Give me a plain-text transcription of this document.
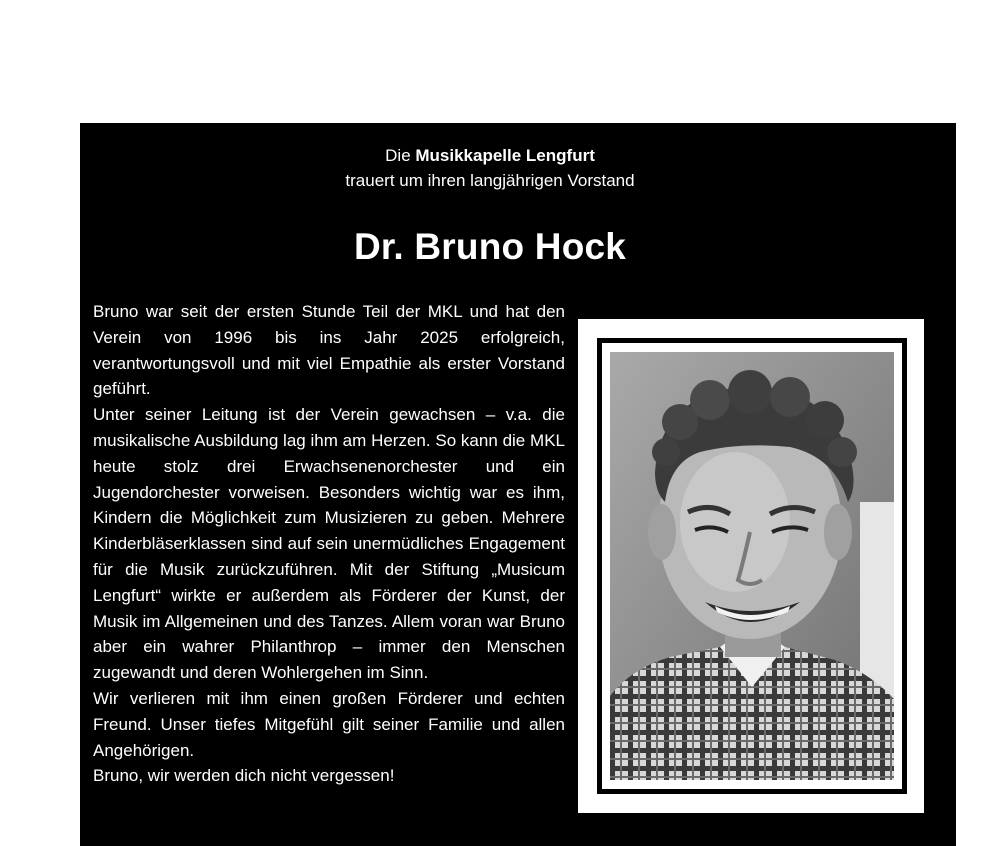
Die Musikkapelle Lengfurt
trauert um ihren langjährigen Vorstand
Dr. Bruno Hock

Bruno war seit der ersten Stunde Teil der MKL und hat den Verein von 1996 bis ins Jahr 2025 erfolgreich, verantwortungsvoll und mit viel Empathie als erster Vorstand geführt.

Unter seiner Leitung ist der Verein gewachsen – v.a. die musikalische Ausbildung lag ihm am Herzen. So kann die MKL heute stolz drei Erwachsenenorchester und ein Jugendorchester vorweisen. Besonders wichtig war es ihm, Kindern die Möglichkeit zum Musizieren zu geben. Mehrere Kinderbläserklassen sind auf sein unermüdliches Engagement für die Musik zurückzuführen. Mit der Stiftung „Musicum Lengfurt“ wirkte er außerdem als Förderer der Kunst, der Musik im Allgemeinen und des Tanzes. Allem voran war Bruno aber ein wahrer Philanthrop – immer den Menschen zugewandt und deren Wohlergehen im Sinn.

Wir verlieren mit ihm einen großen Förderer und echten Freund. Unser tiefes Mitgefühl gilt seiner Familie und allen Angehörigen.

Bruno, wir werden dich nicht vergessen!
